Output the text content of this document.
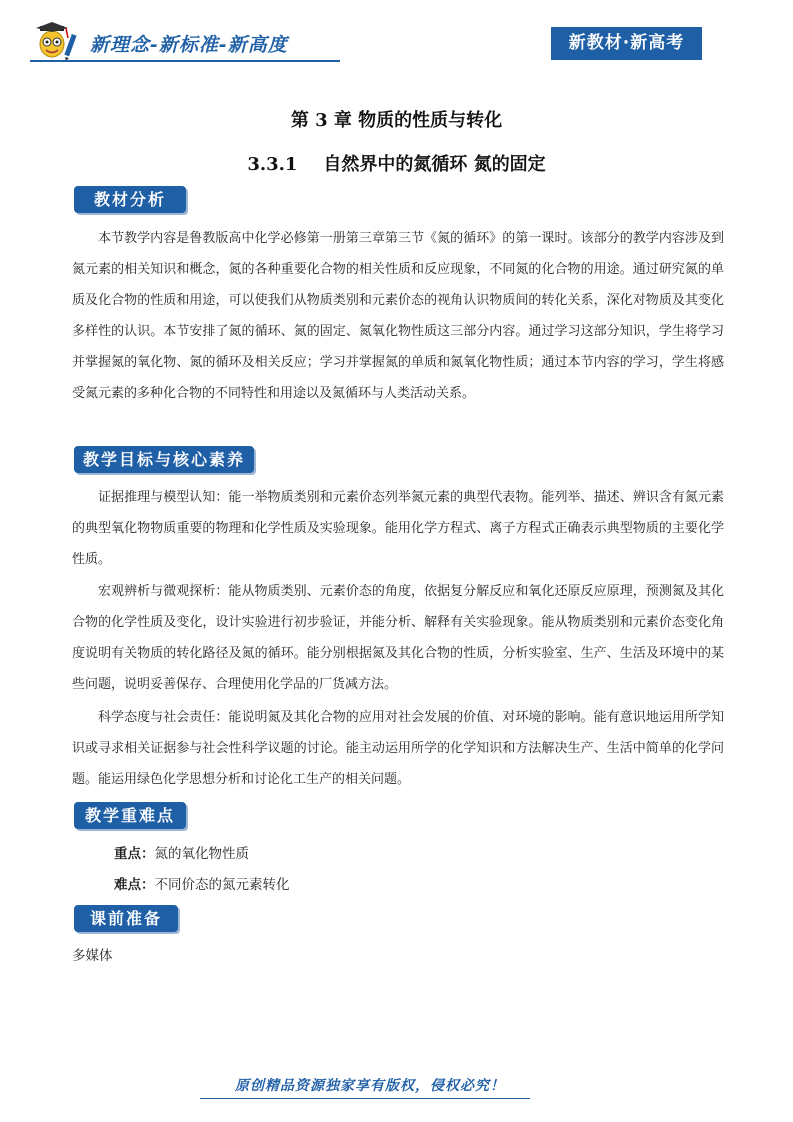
新理念-新标准-新高度	新教材·新高考
第 3 章 物质的性质与转化
3.3.1 自然界中的氮循环 氮的固定
教材分析
本节教学内容是鲁教版高中化学必修第一册第三章第三节《氮的循环》的第一课时。该部分的教学内容涉及到氮元素的相关知识和概念，氮的各种重要化合物的相关性质和反应现象，不同氮的化合物的用途。通过研究氮的单质及化合物的性质和用途，可以使我们从物质类别和元素价态的视角认识物质间的转化关系，深化对物质及其变化多样性的认识。本节安排了氮的循环、氮的固定、氮氧化物性质这三部分内容。通过学习这部分知识，学生将学习并掌握氮的氧化物、氮的循环及相关反应；学习并掌握氮的单质和氮氧化物性质；通过本节内容的学习，学生将感受氮元素的多种化合物的不同特性和用途以及氮循环与人类活动关系。
教学目标与核心素养
证据推理与模型认知：能一举物质类别和元素价态列举氮元素的典型代表物。能列举、描述、辨识含有氮元素的典型氧化物物质重要的物理和化学性质及实验现象。能用化学方程式、离子方程式正确表示典型物质的主要化学性质。
宏观辨析与微观探析：能从物质类别、元素价态的角度，依据复分解反应和氧化还原反应原理，预测氮及其化合物的化学性质及变化，设计实验进行初步验证，并能分析、解释有关实验现象。能从物质类别和元素价态变化角度说明有关物质的转化路径及氮的循环。能分别根据氮及其化合物的性质，分析实验室、生产、生活及环境中的某些问题，说明妥善保存、合理使用化学品的厂货减方法。
科学态度与社会责任：能说明氮及其化合物的应用对社会发展的价值、对环境的影响。能有意识地运用所学知识或寻求相关证据参与社会性科学议题的讨论。能主动运用所学的化学知识和方法解决生产、生活中简单的化学问题。能运用绿色化学思想分析和讨论化工生产的相关问题。
教学重难点
重点：氮的氧化物性质
难点：不同价态的氮元素转化
课前准备
多媒体
原创精品资源独家享有版权，侵权必究！
